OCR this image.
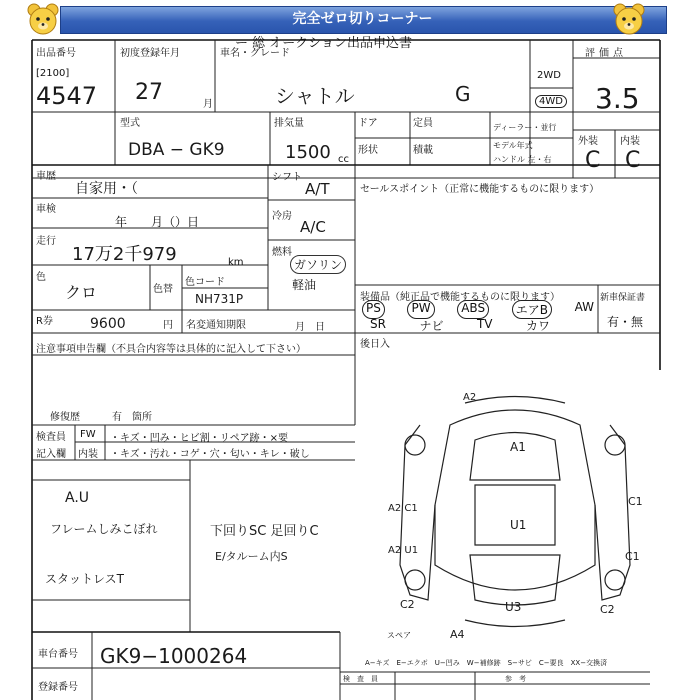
完全ゼロ切りコーナー
ー 総 オークション出品申込書
出品番号
[2100]
4547
初度登録年月
27	月
車名・グレード
シャトル	G
2WD
4WD
評価点
3.5
型式
DBA − GK9
排気量
1500 cc
ドア	定員	ディーラー・並行
形状	積載	モデル年式
ハンドル 左・右
外装 内装
C C
車歴
自家用・（
車検
年　　月（）日
走行
17万2千979	km
色
クロ	色替
色コード
NH731P
R券	9600	円 名変通知期限	月　日
シフト
A/T
冷房
A/C
燃料
ガソリン
軽油
セールスポイント（正常に機能するものに限ります）
装備品（純正品で機能するものに限ります）	新車保証書
有・無
PS	PW	ABS	エアB	AW
SR	ナビ	TV	カワ
後日入
注意事項申告欄（不具合内容等は具体的に記入して下さい）
修復歴	有　箇所
検査員
記入欄
FW ・キズ・凹み・ヒビ割・リペア跡・×要
内装 ・キズ・汚れ・コゲ・穴・匂い・キレ・破し
A.U
フレームしみこぼれ	下回りSC 足回りC
E/タルーム内S
スタットレスT
A2
A1
C1
U1
A2 C1
A2 U1	C1
C2	U3	C2
スペア	A4
車台番号 GK9−1000264
登録番号
A−キズ　E−エクボ　U−凹み　W−補修跡　S−サビ　C−要良　XX−交換済
検　査　員	参　考
